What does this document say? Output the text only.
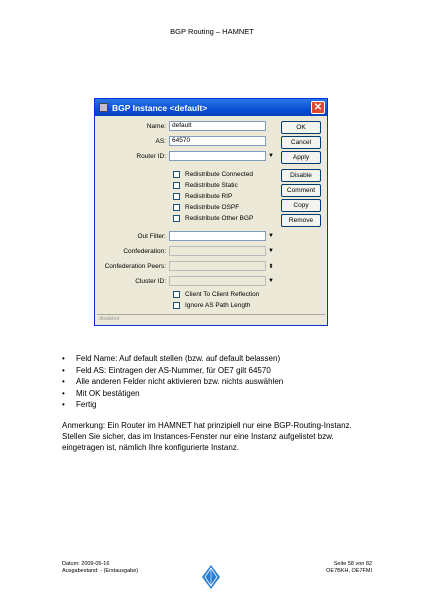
BGP Routing – HAMNET
BGP Instance <default>	✕
Name: default
AS: 64570
Router ID:	▼
Redistribute Connected
Redistribute Static
Redistribute RIP
Redistribute OSPF
Redistribute Other BGP
Out Filter:	▼
Confederation:	▼
Confederation Peers:	⬍
Cluster ID:	▼
Client To Client Reflection
Ignore AS Path Length
OK
Cancel
Apply
Disable
Comment
Copy
Remove
disabled
• Feld Name: Auf default stellen (bzw. auf default belassen)
• Feld AS: Eintragen der AS-Nummer, für OE7 gilt 64570
• Alle anderen Felder nicht aktivieren bzw. nichts auswählen
• Mit OK bestätigen
• Fertig
Anmerkung: Ein Router im HAMNET hat prinzipiell nur eine BGP-Routing-Instanz. Stellen Sie sicher, das im Instances-Fenster nur eine Instanz aufgelistet bzw. eingetragen ist, nämlich Ihre konfigurierte Instanz.
Datum: 2009-05-16
Ausgabestand: - (Erstausgabe)
Seite 58 von 82
OE7BKH, OE7FMI
